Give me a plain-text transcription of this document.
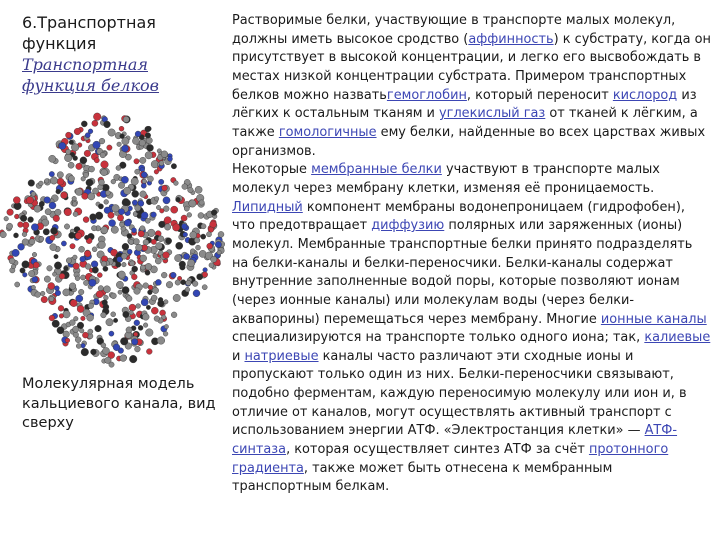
6.Транспортная функция Транспортная функция белков
Молекулярная модель кальциевого канала, вид сверху

Растворимые белки, участвующие в транспорте малых молекул, должны иметь высокое сродство (аффинность) к субстрату, когда он присутствует в высокой концентрации, и легко его высвобождать в местах низкой концентрации субстрата. Примером транспортных белков можно назватьгемоглобин, который переносит кислород из лёгких к остальным тканям и углекислый газ от тканей к лёгким, а также гомологичные ему белки, найденные во всех царствах живых организмов.

Некоторые мембранные белки участвуют в транспорте малых молекул через мембрану клетки, изменяя её проницаемость. Липидный компонент мембраны водонепроницаем (гидрофобен), что предотвращает диффузию полярных или заряженных (ионы) молекул. Мембранные транспортные белки принято подразделять на белки-каналы и белки-переносчики. Белки-каналы содержат внутренние заполненные водой поры, которые позволяют ионам (через ионные каналы) или молекулам воды (через белки-аквапорины) перемещаться через мембрану. Многие ионные каналы специализируются на транспорте только одного иона; так, калиевые и натриевые каналы часто различают эти сходные ионы и пропускают только один из них. Белки-переносчики связывают, подобно ферментам, каждую переносимую молекулу или ион и, в отличие от каналов, могут осуществлять активный транспорт с использованием энергии АТФ. «Электростанция клетки» — АТФ-синтаза, которая осуществляет синтез АТФ за счёт протонного градиента, также может быть отнесена к мембранным транспортным белкам.
